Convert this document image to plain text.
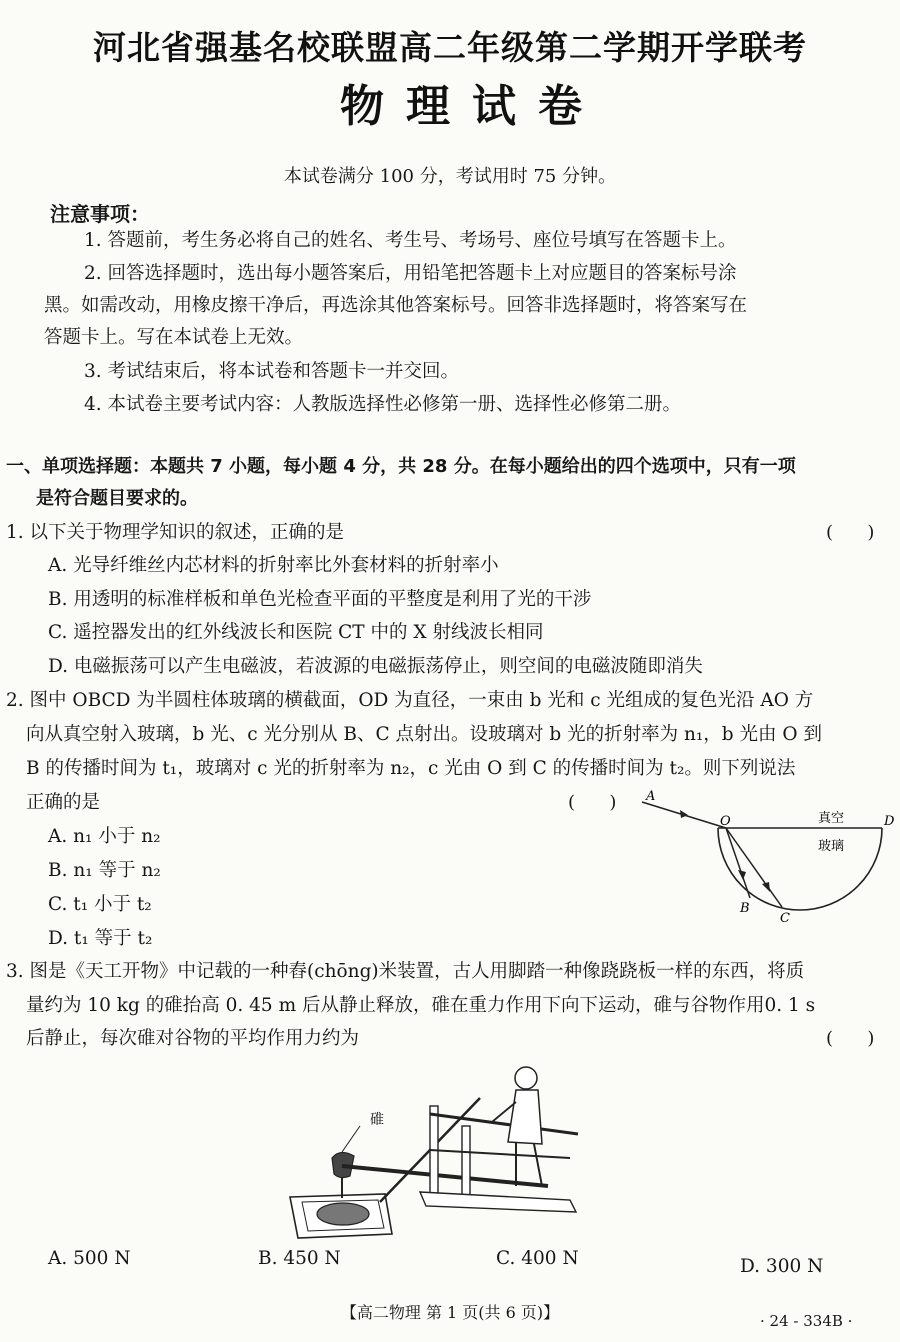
河北省强基名校联盟高二年级第二学期开学联考
物理试卷
本试卷满分 100 分，考试用时 75 分钟。
注意事项：
1. 答题前，考生务必将自己的姓名、考生号、考场号、座位号填写在答题卡上。
2. 回答选择题时，选出每小题答案后，用铅笔把答题卡上对应题目的答案标号涂
黑。如需改动，用橡皮擦干净后，再选涂其他答案标号。回答非选择题时，将答案写在
答题卡上。写在本试卷上无效。
3. 考试结束后，将本试卷和答题卡一并交回。
4. 本试卷主要考试内容：人教版选择性必修第一册、选择性必修第二册。
一、单项选择题：本题共 7 小题，每小题 4 分，共 28 分。在每小题给出的四个选项中，只有一项
是符合题目要求的。
1. 以下关于物理学知识的叙述，正确的是	(      )
A. 光导纤维丝内芯材料的折射率比外套材料的折射率小
B. 用透明的标准样板和单色光检查平面的平整度是利用了光的干涉
C. 遥控器发出的红外线波长和医院 CT 中的 X 射线波长相同
D. 电磁振荡可以产生电磁波，若波源的电磁振荡停止，则空间的电磁波随即消失
2. 图中 OBCD 为半圆柱体玻璃的横截面，OD 为直径，一束由 b 光和 c 光组成的复色光沿 AO 方
向从真空射入玻璃，b 光、c 光分别从 B、C 点射出。设玻璃对 b 光的折射率为 n₁，b 光由 O 到
B 的传播时间为 t₁，玻璃对 c 光的折射率为 n₂，c 光由 O 到 C 的传播时间为 t₂。则下列说法
正确的是	(      )
A. n₁ 小于 n₂
B. n₁ 等于 n₂
C. t₁ 小于 t₂
D. t₁ 等于 t₂
A
O	D
B
C
真空
玻璃
3. 图是《天工开物》中记载的一种舂(chōng)米装置，古人用脚踏一种像跷跷板一样的东西，将质
量约为 10 kg 的碓抬高 0. 45 m 后从静止释放，碓在重力作用下向下运动，碓与谷物作用0. 1 s
后静止，每次碓对谷物的平均作用力约为	(      )
碓
A. 500 N	B. 450 N	C. 400 N	D. 300 N
【高二物理 第 1 页(共 6 页)】	· 24 - 334B ·
